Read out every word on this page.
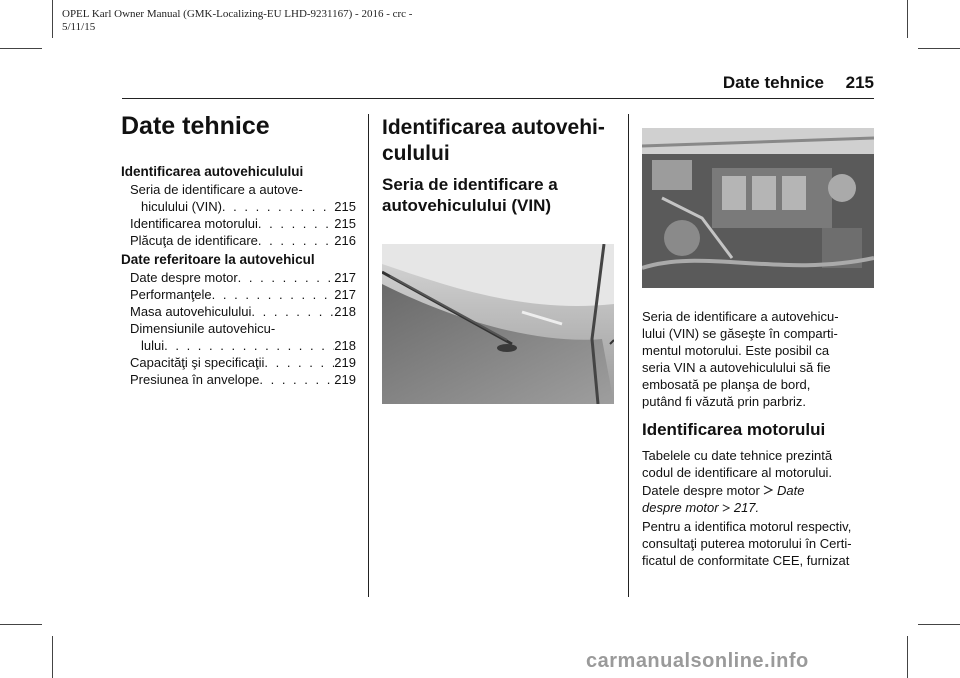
OPEL Karl Owner Manual (GMK-Localizing-EU LHD-9231167) - 2016 - crc -
5/11/15
Date tehnice 215
Date tehnice
Identificarea autovehiculului
Seria de identificare a autove-
hiculului (VIN) . . .	215
Identificarea motorului . . .	215
Plăcuţa de identificare . . .	216
Date referitoare la autovehicul
Date despre motor . . .	217
Performanţele . . .	217
Masa autovehiculului . . .	218
Dimensiunile autovehicu-
lului . . .	218
Capacităţi şi specificaţii . . .	219
Presiunea în anvelope . . .	219
Identificarea autovehi-
culului
Seria de identificare a
autovehiculului (VIN)
Seria de identificare a autovehicu-
lului (VIN) se găseşte în comparti-
mentul motorului. Este posibil ca
seria VIN a autovehiculului să fie
embosată pe planşa de bord,
putând fi văzută prin parbriz.
Identificarea motorului
Tabelele cu date tehnice prezintă
codul de identificare al motorului.
Datele despre motor Date
despre motor 217.
Pentru a identifica motorul respectiv,
consultaţi puterea motorului în Certi-
ficatul de conformitate CEE, furnizat
carmanualsonline.info
